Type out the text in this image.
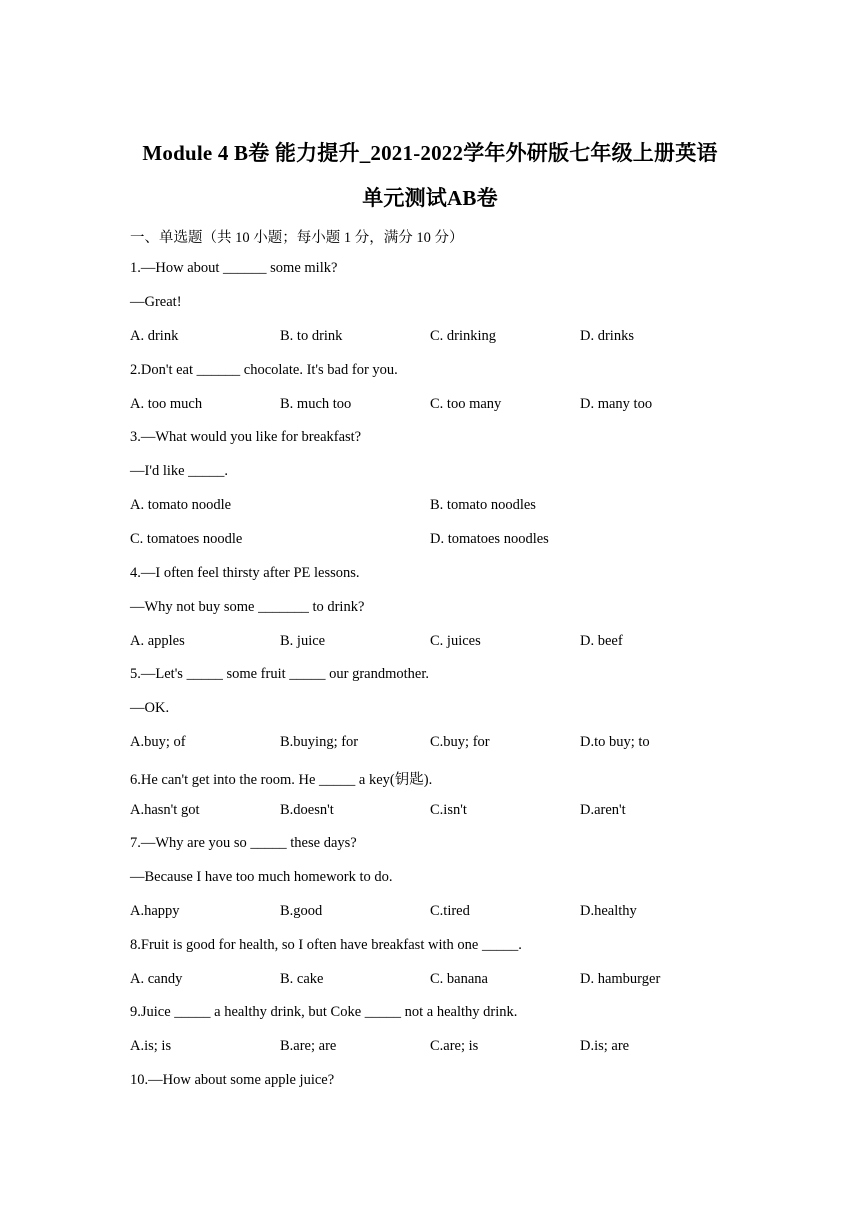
Module 4 B卷 能力提升_2021-2022学年外研版七年级上册英语
单元测试AB卷
一、单选题（共 10 小题；每小题 1 分，满分 10 分）
1.—How about ______ some milk?
—Great!
A. drink	B. to drink	C. drinking	D. drinks
2.Don't eat ______ chocolate. It's bad for you.
A. too much	B. much too	C. too many	D. many too
3.—What would you like for breakfast?
—I'd like _____.
A. tomato noodle	B. tomato noodles
C. tomatoes noodle	D. tomatoes noodles
4.—I often feel thirsty after PE lessons.
—Why not buy some _______ to drink?
A. apples	B. juice	C. juices	D. beef
5.—Let's _____ some fruit _____ our grandmother.
—OK.
A.buy; of	B.buying; for	C.buy; for	D.to buy; to
6.He can't get into the room. He _____ a key(钥匙).
A.hasn't got	B.doesn't	C.isn't	D.aren't
7.—Why are you so _____ these days?
—Because I have too much homework to do.
A.happy	B.good	C.tired	D.healthy
8.Fruit is good for health, so I often have breakfast with one _____.
A. candy	B. cake	C. banana	D. hamburger
9.Juice _____ a healthy drink, but Coke _____ not a healthy drink.
A.is; is	B.are; are	C.are; is	D.is; are
10.—How about some apple juice?
